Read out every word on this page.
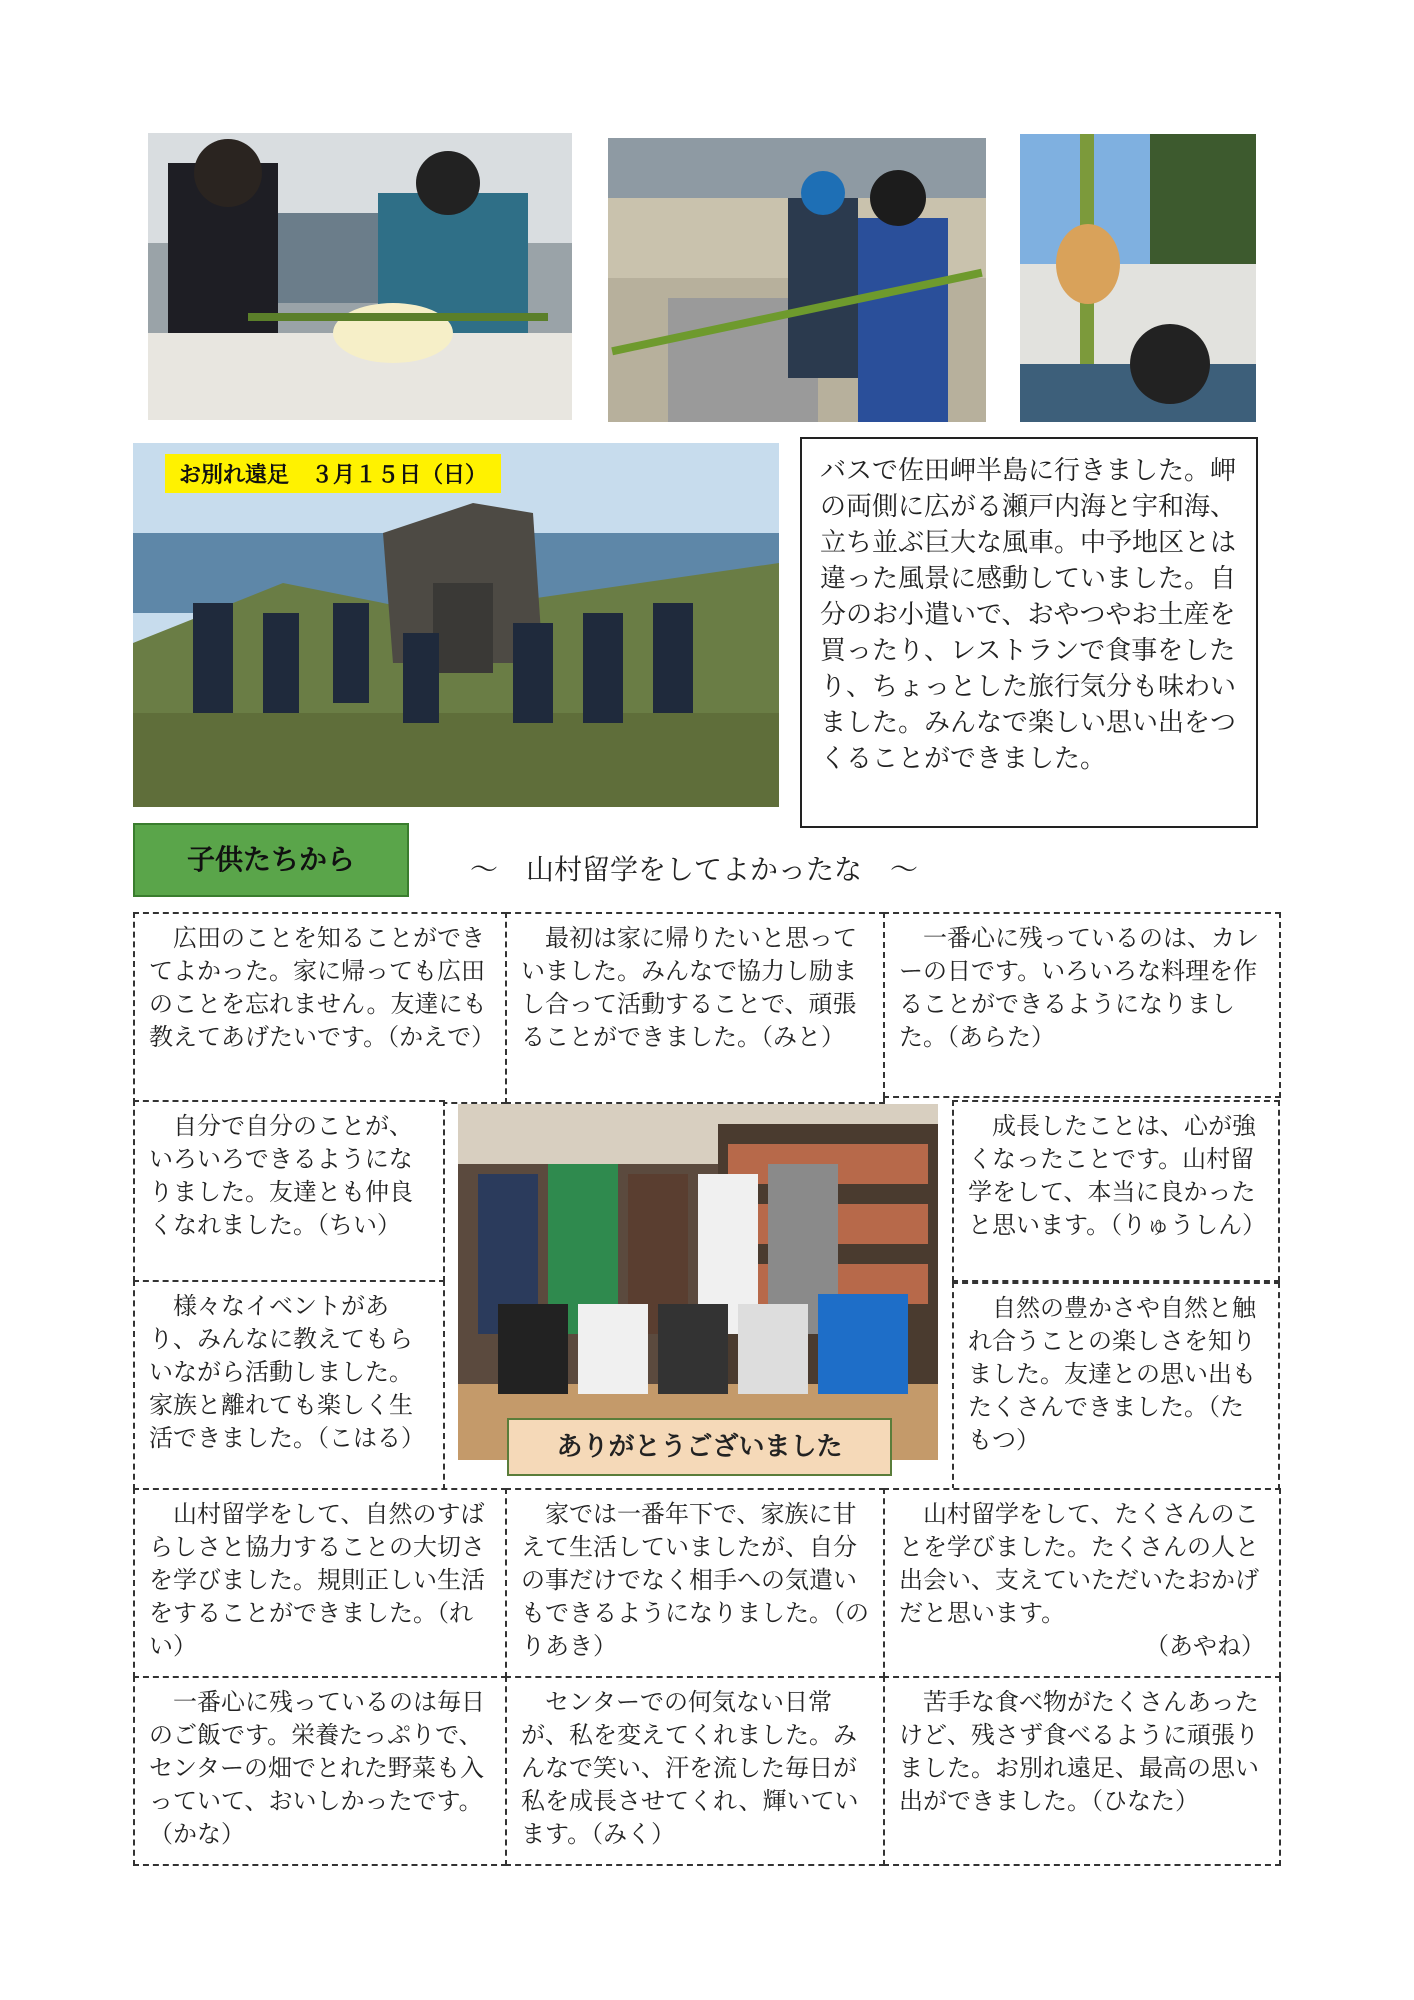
お別れ遠足　３月１５日（日）	バスで佐田岬半島に行きました。岬の両側に広がる瀬戸内海と宇和海、立ち並ぶ巨大な風車。中予地区とは違った風景に感動していました。自分のお小遣いで、おやつやお土産を買ったり、レストランで食事をしたり、ちょっとした旅行気分も味わいました。みんなで楽しい思い出をつくることができました。
子供たちから	～　山村留学をしてよかったな　～

広田のことを知ることができてよかった。家に帰っても広田のことを忘れません。友達にも教えてあげたいです。（かえで）

最初は家に帰りたいと思っていました。みんなで協力し励まし合って活動することで、頑張ることができました。（みと）

一番心に残っているのは、カレーの日です。いろいろな料理を作ることができるようになりました。（あらた）

ありがとうございました

自分で自分のことが、いろいろできるようになりました。友達とも仲良くなれました。（ちい）

様々なイベントがあり、みんなに教えてもらいながら活動しました。家族と離れても楽しく生活できました。（こはる）

成長したことは、心が強くなったことです。山村留学をして、本当に良かったと思います。（りゅうしん）

自然の豊かさや自然と触れ合うことの楽しさを知りました。友達との思い出もたくさんできました。（たもつ）

山村留学をして、自然のすばらしさと協力することの大切さを学びました。規則正しい生活をすることができました。（れい）

家では一番年下で、家族に甘えて生活していましたが、自分の事だけでなく相手への気遣いもできるようになりました。（のりあき）

山村留学をして、たくさんのことを学びました。たくさんの人と出会い、支えていただいたおかげだと思います。

（あやね）

一番心に残っているのは毎日のご飯です。栄養たっぷりで、センターの畑でとれた野菜も入っていて、おいしかったです。（かな）

センターでの何気ない日常が、私を変えてくれました。みんなで笑い、汗を流した毎日が私を成長させてくれ、輝いています。（みく）

苦手な食べ物がたくさんあったけど、残さず食べるように頑張りました。お別れ遠足、最高の思い出ができました。（ひなた）
